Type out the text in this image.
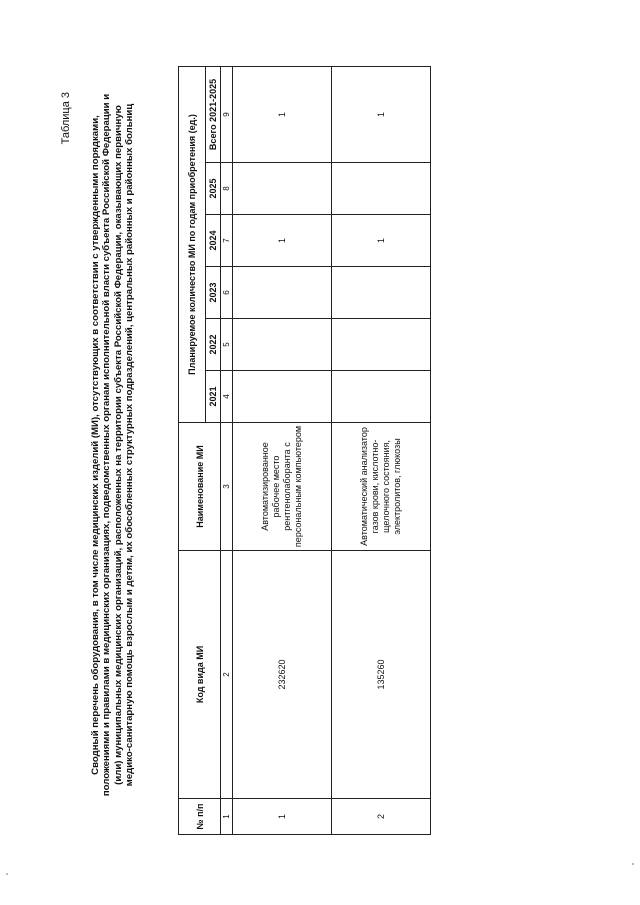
Таблица 3 Сводный перечень оборудования, в том числе медицинских изделий (МИ), отсутствующих в соответствии с утвержденными порядками, положениями и правилами в медицинских организациях, подведомственных органам исполнительной власти субъекта Российской Федерации и (или) муниципальных медицинских организаций, расположенных на территории субъекта Российской Федерации, оказывающих первичную медико-санитарную помощь взрослым и детям, их обособленных структурных подразделений, центральных районных и районных больниц
№ п/п	Код вида МИ	Наименование МИ	Планируемое количество МИ по годам приобретения (ед.)					
			2021	2022	2023	2024	2025	Всего 2021-2025
1	2	3	4	5	6	7	8	9
1	232620	Автоматизированное рабочее место рентгенолаборанта с персональным компьютером				1		1
2	135260	Автоматический анализатор газов крови, кислотно-щелочного состояния, электролитов, глюкозы				1		1
